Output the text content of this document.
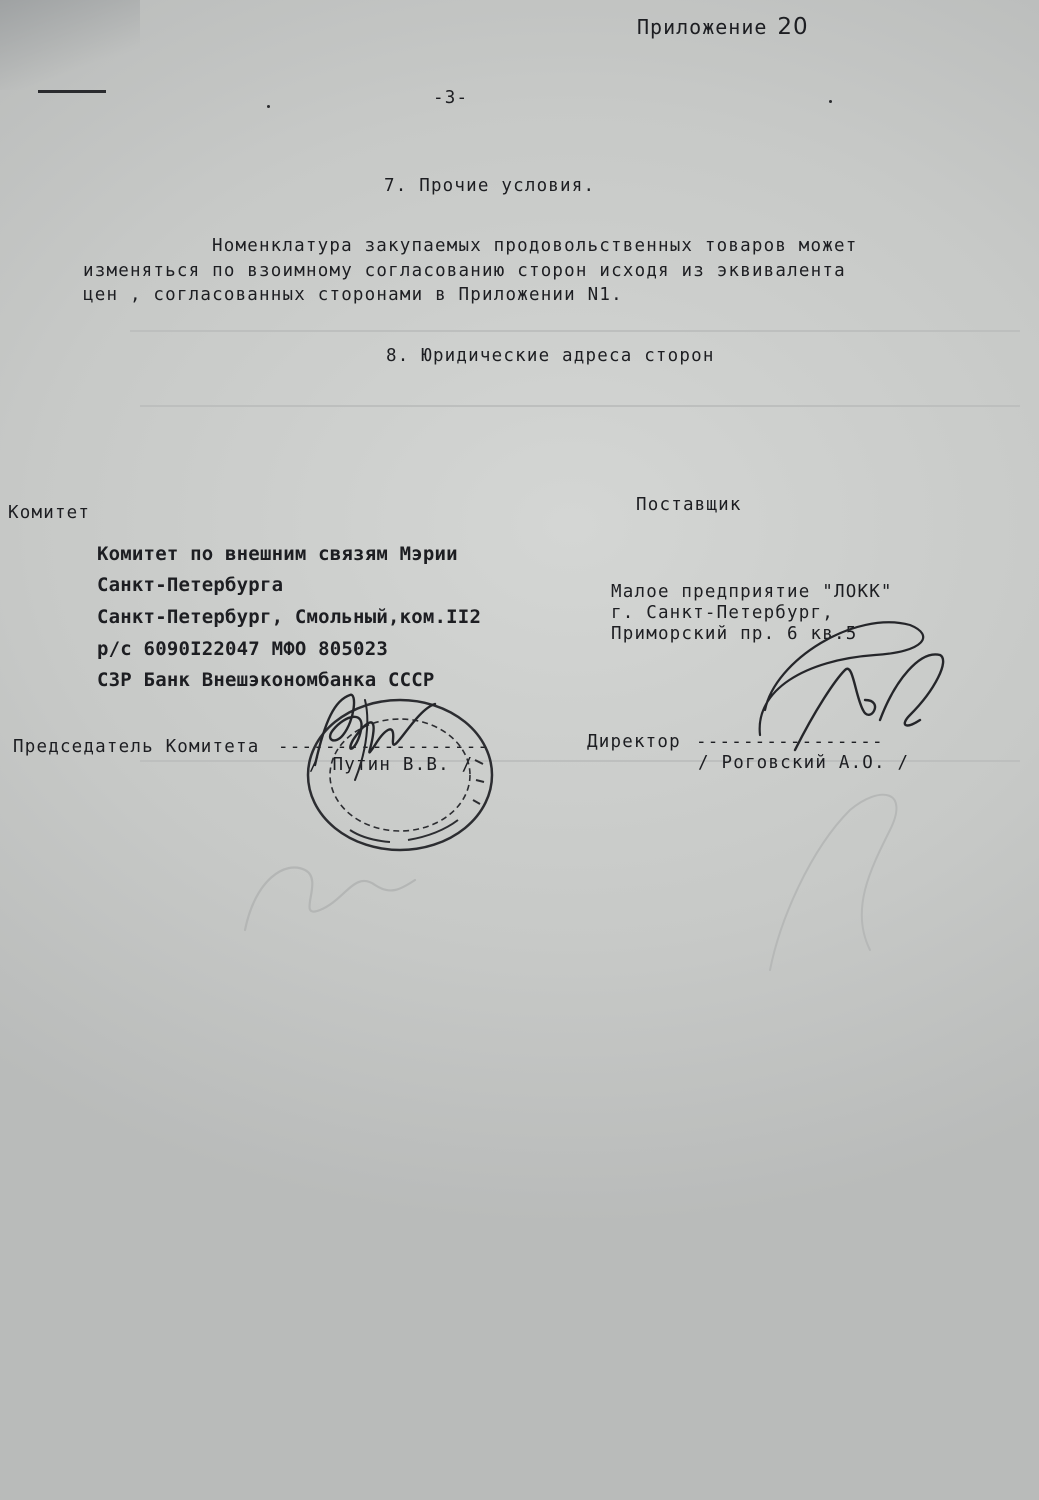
Приложение 20
-3-
7. Прочие условия.
Номенклатура закупаемых продовольственных товаров может
изменяться по взоимному согласованию сторон исходя из эквивалента
цен , согласованных сторонами в Приложении N1.
8. Юридические адреса сторон
Комитет	Поставщик
Комитет по внешним связям Мэрии
Санкт-Петербурга
Санкт-Петербург, Смольный,ком.II2
р/с 6090I22047 МФО 805023
СЗР Банк Внешэкономбанка СССР
Малое предприятие "ЛОКК"
г. Санкт-Петербург,
Приморский пр. 6 кв.5
Председатель Комитета ------------------
/ Путин В.В. /
Директор ----------------
/ Роговский А.О. /
